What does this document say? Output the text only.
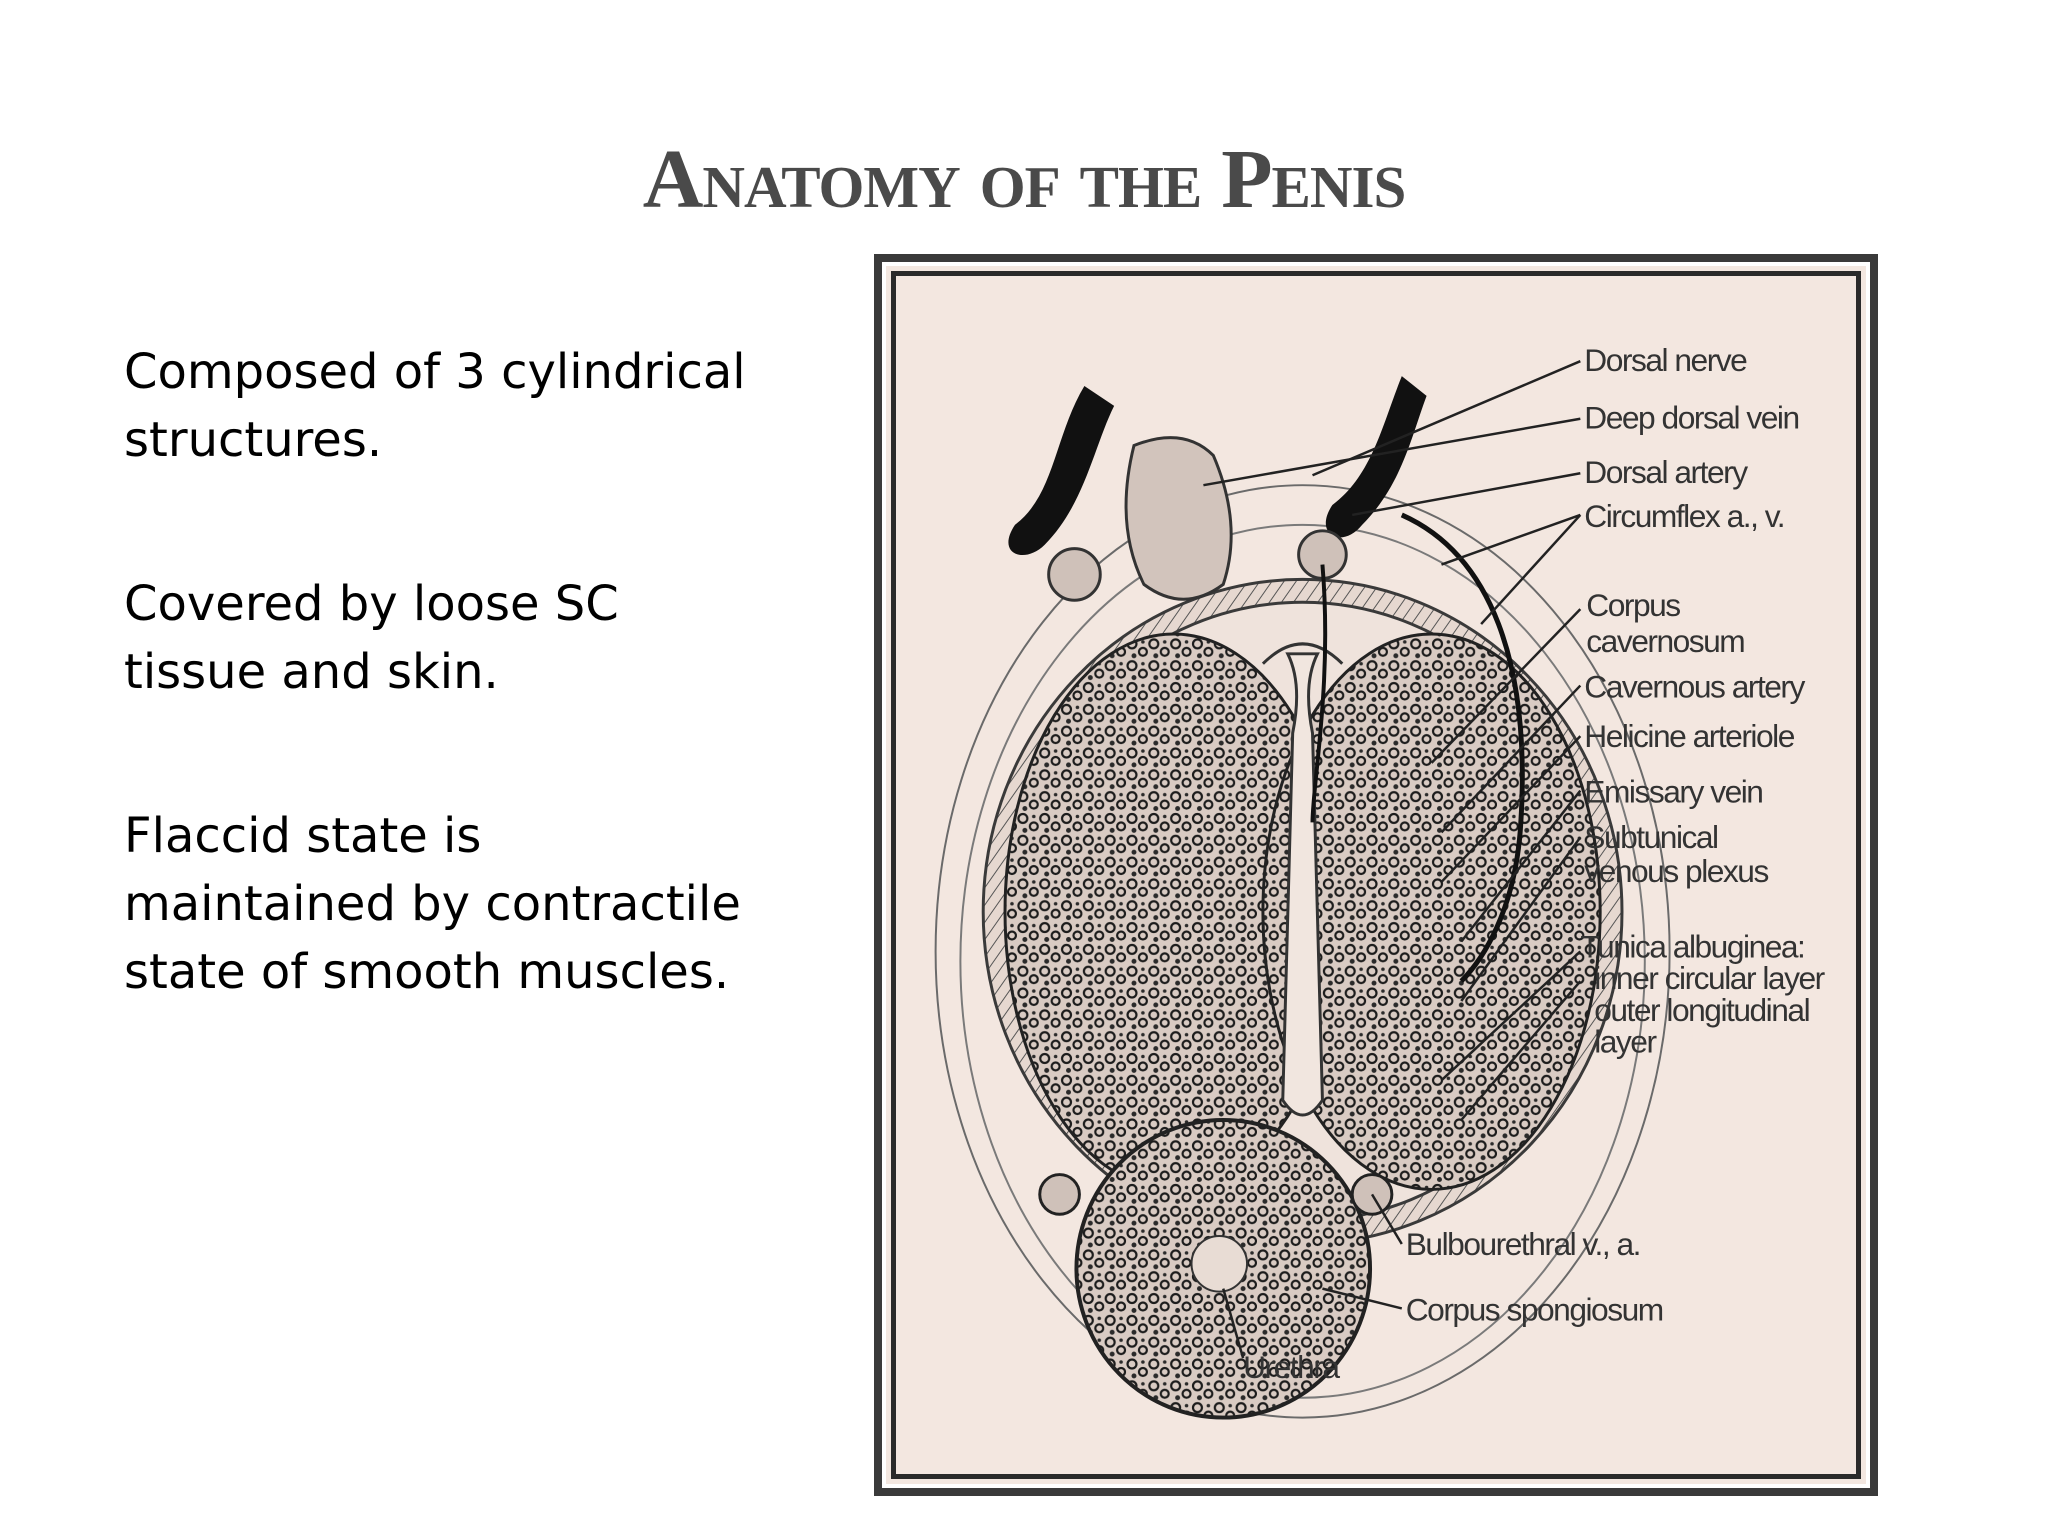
Anatomy of the Penis
Composed of 3 cylindrical structures.
Covered by loose SC tissue and skin.
Flaccid state is maintained by contractile state of smooth muscles.
Dorsal nerve
Deep dorsal vein
Dorsal artery
Circumflex a., v.
Corpus
cavernosum
Cavernous artery
Helicine arteriole
Emissary vein
Subtunical
venous plexus
Tunica albuginea:
inner circular layer
outer longitudinal
layer
Bulbourethral v., a.
Corpus spongiosum
Urethra
